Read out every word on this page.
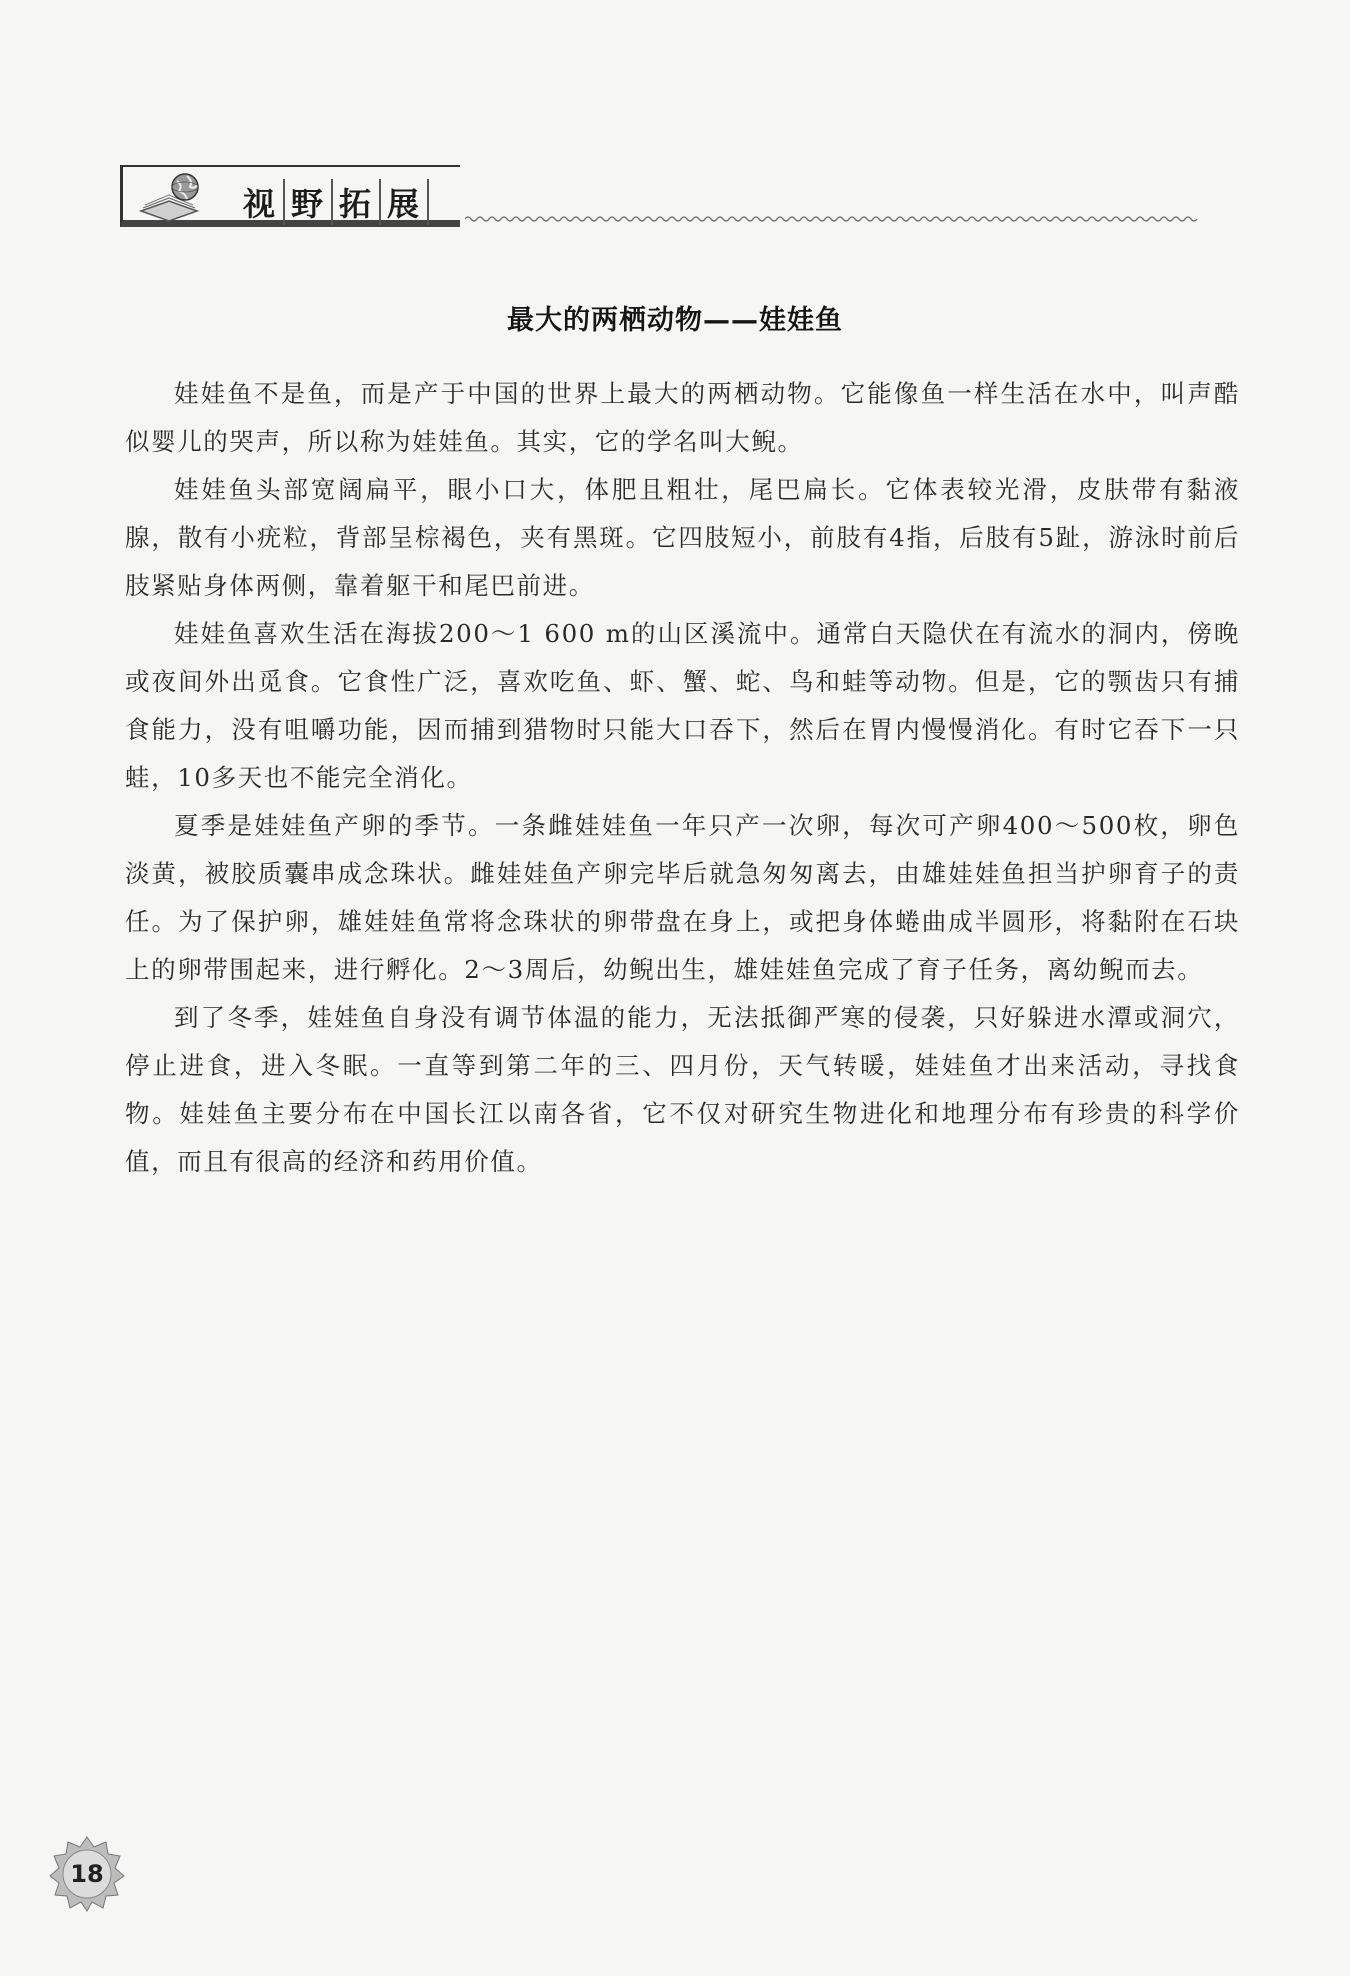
视 野 拓 展
最大的两栖动物——娃娃鱼

娃娃鱼不是鱼，而是产于中国的世界上最大的两栖动物。它能像鱼一样生活在水中，叫声酷似婴儿的哭声，所以称为娃娃鱼。其实，它的学名叫大鲵。

娃娃鱼头部宽阔扁平，眼小口大，体肥且粗壮，尾巴扁长。它体表较光滑，皮肤带有黏液腺，散有小疣粒，背部呈棕褐色，夹有黑斑。它四肢短小，前肢有4指，后肢有5趾，游泳时前后肢紧贴身体两侧，靠着躯干和尾巴前进。

娃娃鱼喜欢生活在海拔200～1 600 m的山区溪流中。通常白天隐伏在有流水的洞内，傍晚或夜间外出觅食。它食性广泛，喜欢吃鱼、虾、蟹、蛇、鸟和蛙等动物。但是，它的颚齿只有捕食能力，没有咀嚼功能，因而捕到猎物时只能大口吞下，然后在胃内慢慢消化。有时它吞下一只蛙，10多天也不能完全消化。

夏季是娃娃鱼产卵的季节。一条雌娃娃鱼一年只产一次卵，每次可产卵400～500枚，卵色淡黄，被胶质囊串成念珠状。雌娃娃鱼产卵完毕后就急匆匆离去，由雄娃娃鱼担当护卵育子的责任。为了保护卵，雄娃娃鱼常将念珠状的卵带盘在身上，或把身体蜷曲成半圆形，将黏附在石块上的卵带围起来，进行孵化。2～3周后，幼鲵出生，雄娃娃鱼完成了育子任务，离幼鲵而去。

到了冬季，娃娃鱼自身没有调节体温的能力，无法抵御严寒的侵袭，只好躲进水潭或洞穴，停止进食，进入冬眠。一直等到第二年的三、四月份，天气转暖，娃娃鱼才出来活动，寻找食物。娃娃鱼主要分布在中国长江以南各省，它不仅对研究生物进化和地理分布有珍贵的科学价值，而且有很高的经济和药用价值。

18
